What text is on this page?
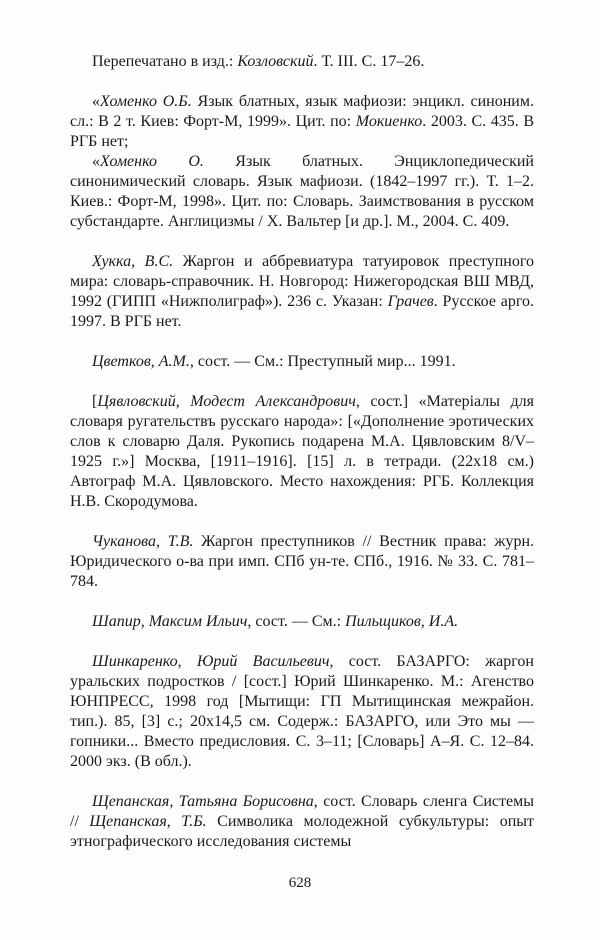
Перепечатано в изд.: Козловский. Т. III. С. 17–26.

«Хоменко О.Б. Язык блатных, язык мафиози: энцикл. синоним. сл.: В 2 т. Киев: Форт-М, 1999». Цит. по: Мокиенко. 2003. С. 435. В РГБ нет;

«Хоменко О. Язык блатных. Энциклопедический синонимический словарь. Язык мафиози. (1842–1997 гг.). Т. 1–2. Киев.: Форт-М, 1998». Цит. по: Словарь. Заимствования в русском субстандарте. Англицизмы / Х. Вальтер [и др.]. М., 2004. С. 409.

Хукка, В.С. Жаргон и аббревиатура татуировок преступного мира: словарь-справочник. Н. Новгород: Нижегородская ВШ МВД, 1992 (ГИПП «Нижполиграф»). 236 с. Указан: Грачев. Русское арго. 1997. В РГБ нет.

Цветков, А.М., сост. — См.: Преступный мир... 1991.

[Цявловский, Модест Александрович, сост.] «Матеріалы для словаря ругательствъ русскаго народа»: [«Дополнение эротических слов к словарю Даля. Рукопись подарена М.А. Цявловским 8/V–1925 г.»] Москва, [1911–1916]. [15] л. в тетради. (22х18 см.) Автограф М.А. Цявловского. Место нахождения: РГБ. Коллекция Н.В. Скородумова.

Чуканова, Т.В. Жаргон преступников // Вестник права: журн. Юридического о-ва при имп. СПб ун-те. СПб., 1916. № 33. С. 781–784.

Шапир, Максим Ильич, сост. — См.: Пильщиков, И.А.

Шинкаренко, Юрий Васильевич, сост. БАЗАРГО: жаргон уральских подростков / [сост.] Юрий Шинкаренко. М.: Агенство ЮНПРЕСС, 1998 год [Мытищи: ГП Мытищинская межрайон. тип.). 85, [3] с.; 20х14,5 см. Содерж.: БАЗАРГО, или Это мы — гопники... Вместо предисловия. С. 3–11; [Словарь] А–Я. С. 12–84. 2000 экз. (В обл.).

Щепанская, Татьяна Борисовна, сост. Словарь сленга Системы // Щепанская, Т.Б. Символика молодежной субкультуры: опыт этнографического исследования системы

628
